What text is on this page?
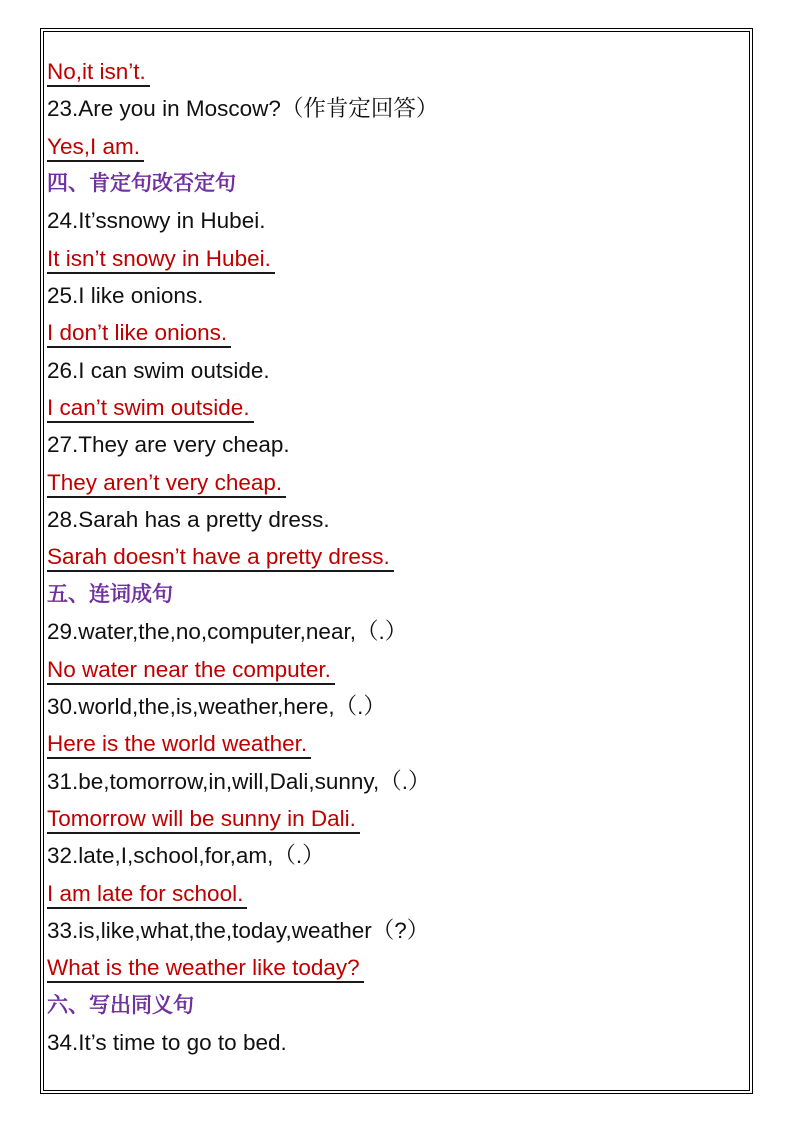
No,it isn’t.
23.Are you in Moscow?（作肯定回答）
Yes,I am.
四、肯定句改否定句
24.It’ssnowy in Hubei.
It isn’t snowy in Hubei.
25.I like onions.
I don’t like onions.
26.I can swim outside.
I can’t swim outside.
27.They are very cheap.
They aren’t very cheap.
28.Sarah has a pretty dress.
Sarah doesn’t have a pretty dress.
五、连词成句
29.water,the,no,computer,near,（.）
No water near the computer.
30.world,the,is,weather,here,（.）
Here is the world weather.
31.be,tomorrow,in,will,Dali,sunny,（.）
Tomorrow will be sunny in Dali.
32.late,I,school,for,am,（.）
I am late for school.
33.is,like,what,the,today,weather（?）
What is the weather like today?
六、写出同义句
34.It’s time to go to bed.
